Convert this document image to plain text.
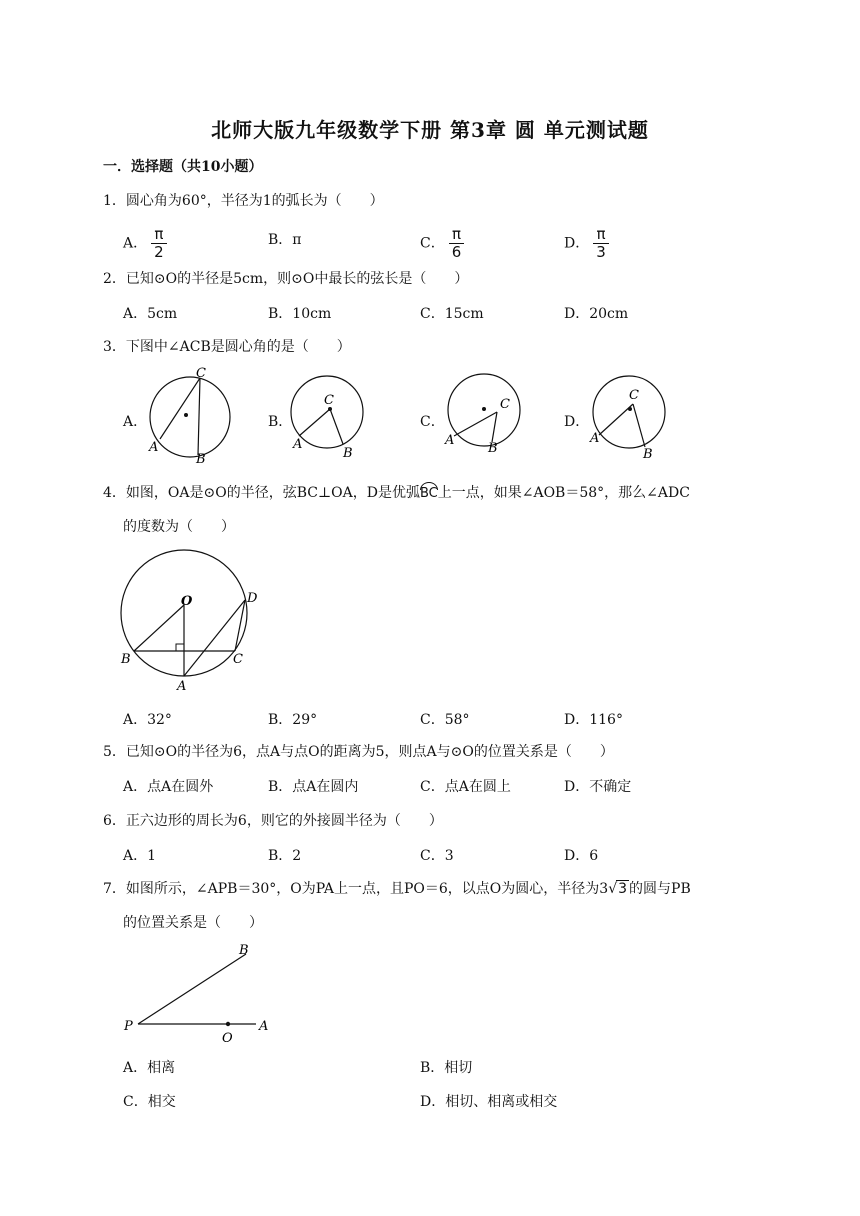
北师大版九年级数学下册 第3章 圆 单元测试题
一．选择题（共10小题）
1．圆心角为60°，半径为1的弧长为（　　）
A． $\frac{\pi}{2}$	B．π	C． $\frac{\pi}{6}$	D． $\frac{\pi}{3}$
2．已知⊙O的半径是5cm，则⊙O中最长的弦长是（　　）
A．5cm	B．10cm	C．15cm	D．20cm
3．下图中∠ACB是圆心角的是（　　）
A．	B．	C．	D．
C
A
B
C
A
B
C
A
B
C
A
B
4．如图，OA是⊙O的半径，弦BC⊥OA，D是优弧BC上一点，如果∠AOB＝58°，那么∠ADC
的度数为（　　）
O
B	C
A
D
A．32°	B．29°	C．58°	D．116°
5．已知⊙O的半径为6，点A与点O的距离为5，则点A与⊙O的位置关系是（　　）
A．点A在圆外	B．点A在圆内	C．点A在圆上	D．不确定
6．正六边形的周长为6，则它的外接圆半径为（　　）
A．1	B．2	C．3	D．6
7．如图所示，∠APB＝30°，O为PA上一点，且PO＝6，以点O为圆心，半径为3√3 的圆与PB
的位置关系是（　　）
P
O
A
B
A．相离	B．相切
C．相交	D．相切、相离或相交
